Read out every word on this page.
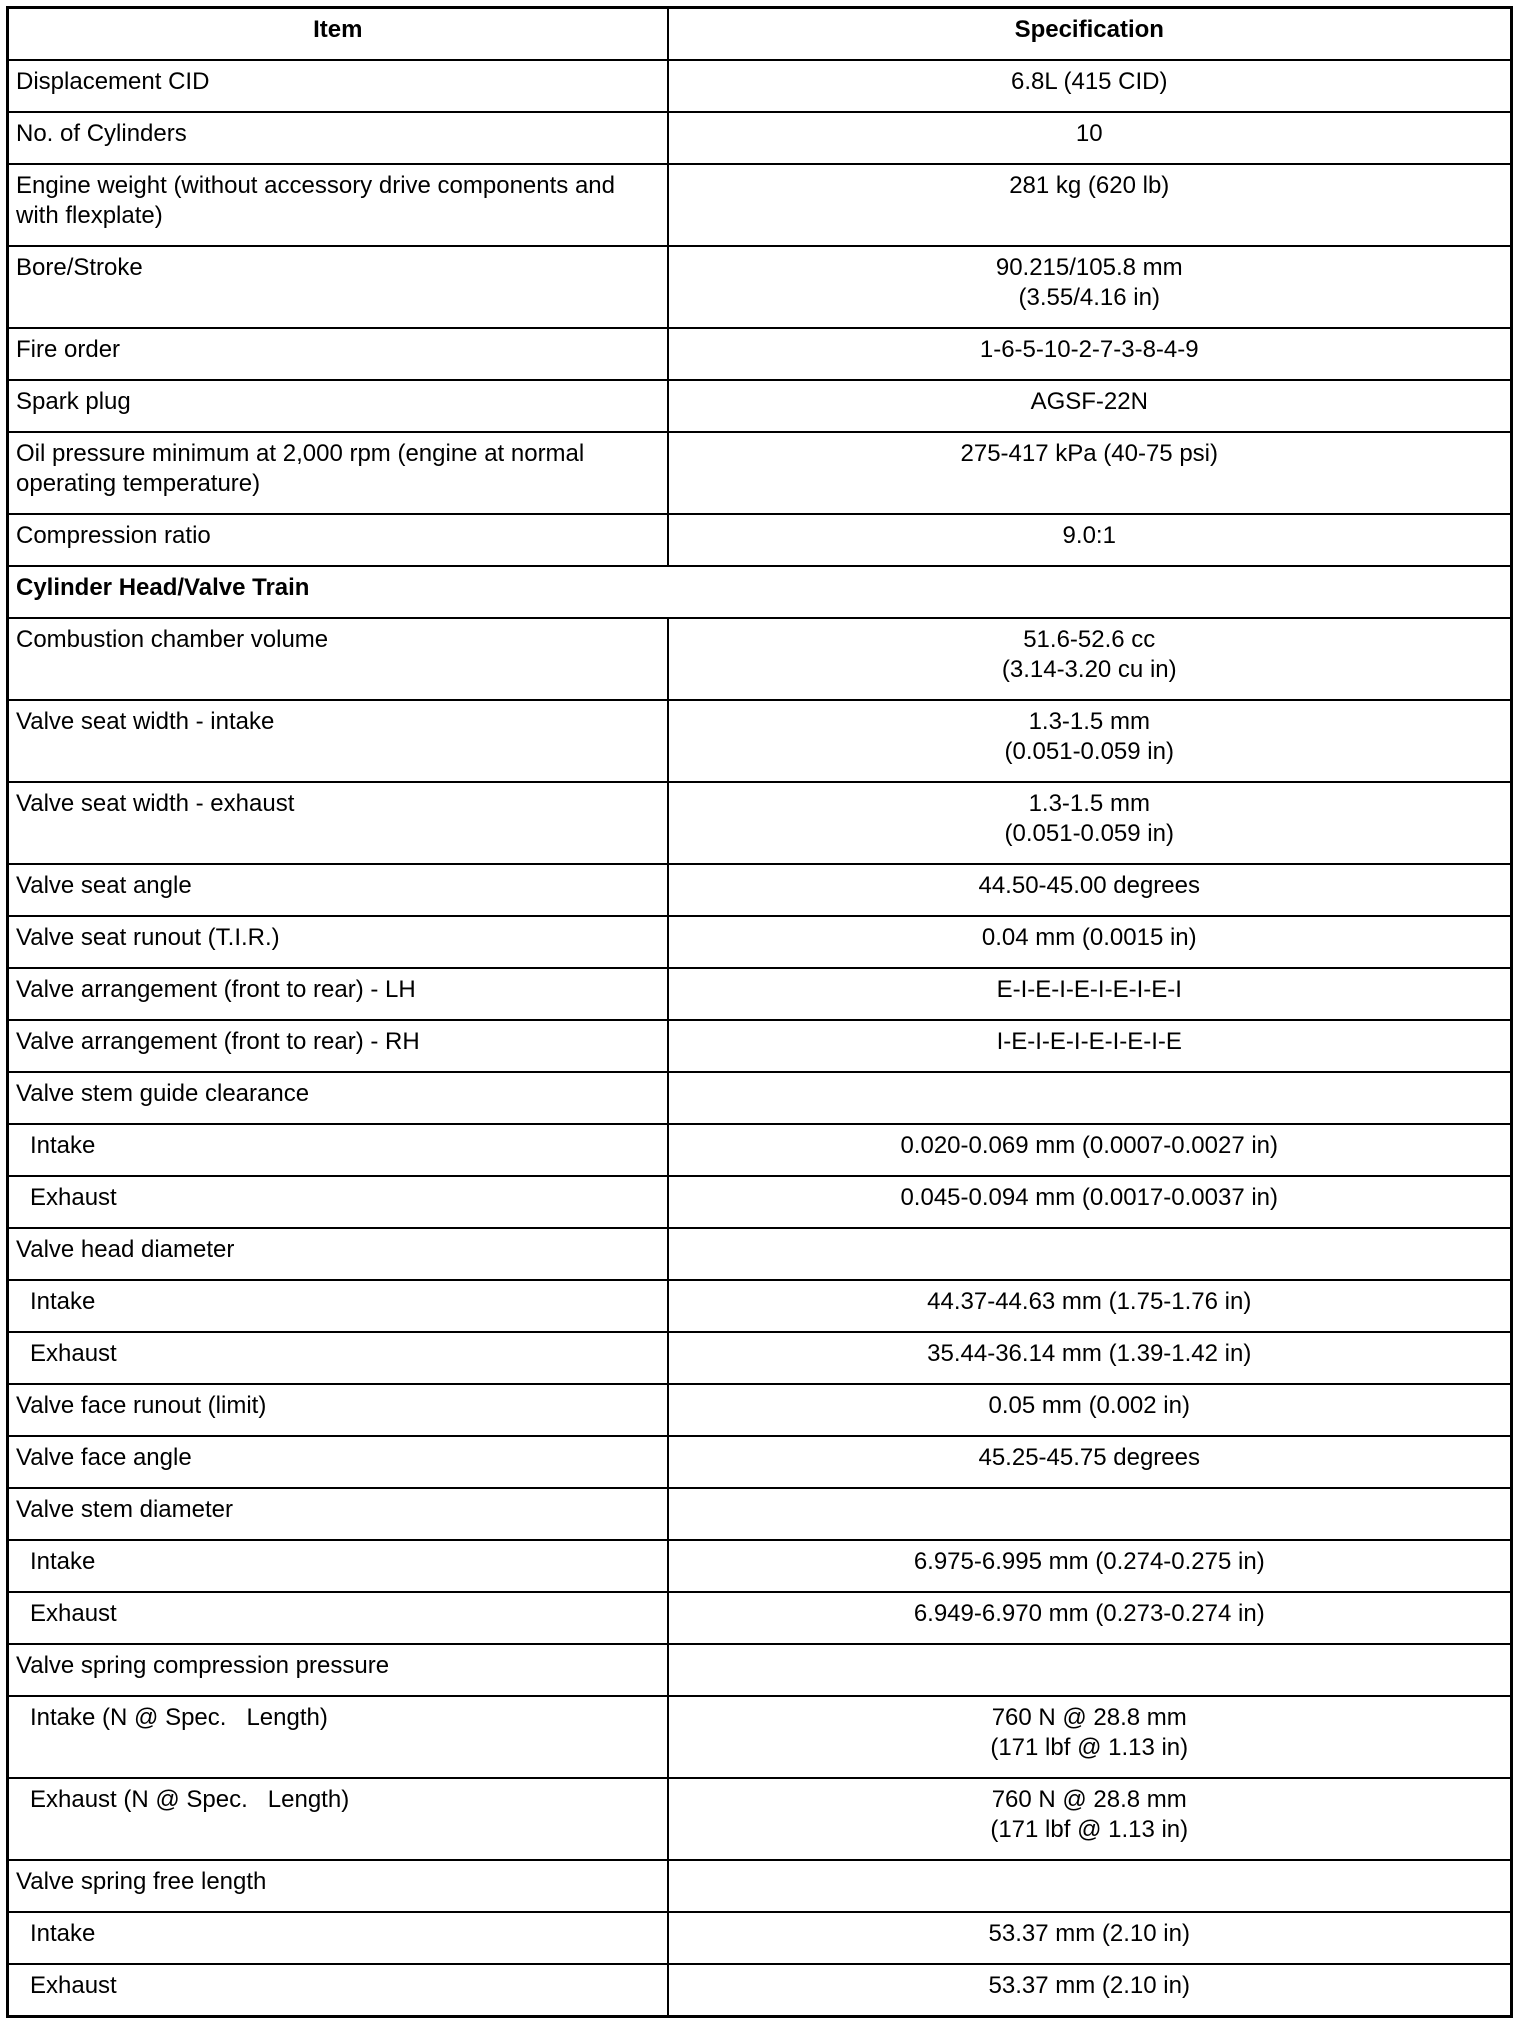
Item	Specification
Displacement CID	6.8L (415 CID)

No. of Cylinders	10

Engine weight (without accessory drive components and with flexplate)	281 kg (620 lb)

Bore/Stroke	90.215/105.8 mm
(3.55/4.16 in)

Fire order	1-6-5-10-2-7-3-8-4-9

Spark plug	AGSF-22N

Oil pressure minimum at 2,000 rpm (engine at normal operating temperature)	275-417 kPa (40-75 psi)

Compression ratio	9.0:1

Cylinder Head/Valve Train	
Combustion chamber volume	51.6-52.6 cc
(3.14-3.20 cu in)

Valve seat width - intake	1.3-1.5 mm
(0.051-0.059 in)

Valve seat width - exhaust	1.3-1.5 mm
(0.051-0.059 in)

Valve seat angle	44.50-45.00 degrees

Valve seat runout (T.I.R.)	0.04 mm (0.0015 in)

Valve arrangement (front to rear) - LH	E-I-E-I-E-I-E-I-E-I

Valve arrangement (front to rear) - RH	I-E-I-E-I-E-I-E-I-E

Valve stem guide clearance	

Intake	0.020-0.069 mm (0.0007-0.0027 in)

Exhaust	0.045-0.094 mm (0.0017-0.0037 in)

Valve head diameter	

Intake	44.37-44.63 mm (1.75-1.76 in)

Exhaust	35.44-36.14 mm (1.39-1.42 in)

Valve face runout (limit)	0.05 mm (0.002 in)

Valve face angle	45.25-45.75 degrees

Valve stem diameter	

Intake	6.975-6.995 mm (0.274-0.275 in)

Exhaust	6.949-6.970 mm (0.273-0.274 in)

Valve spring compression pressure	

Intake (N @ Spec.   Length)	760 N @ 28.8 mm
(171 lbf @ 1.13 in)

Exhaust (N @ Spec.   Length)	760 N @ 28.8 mm
(171 lbf @ 1.13 in)

Valve spring free length	

Intake	53.37 mm (2.10 in)

Exhaust	53.37 mm (2.10 in)
